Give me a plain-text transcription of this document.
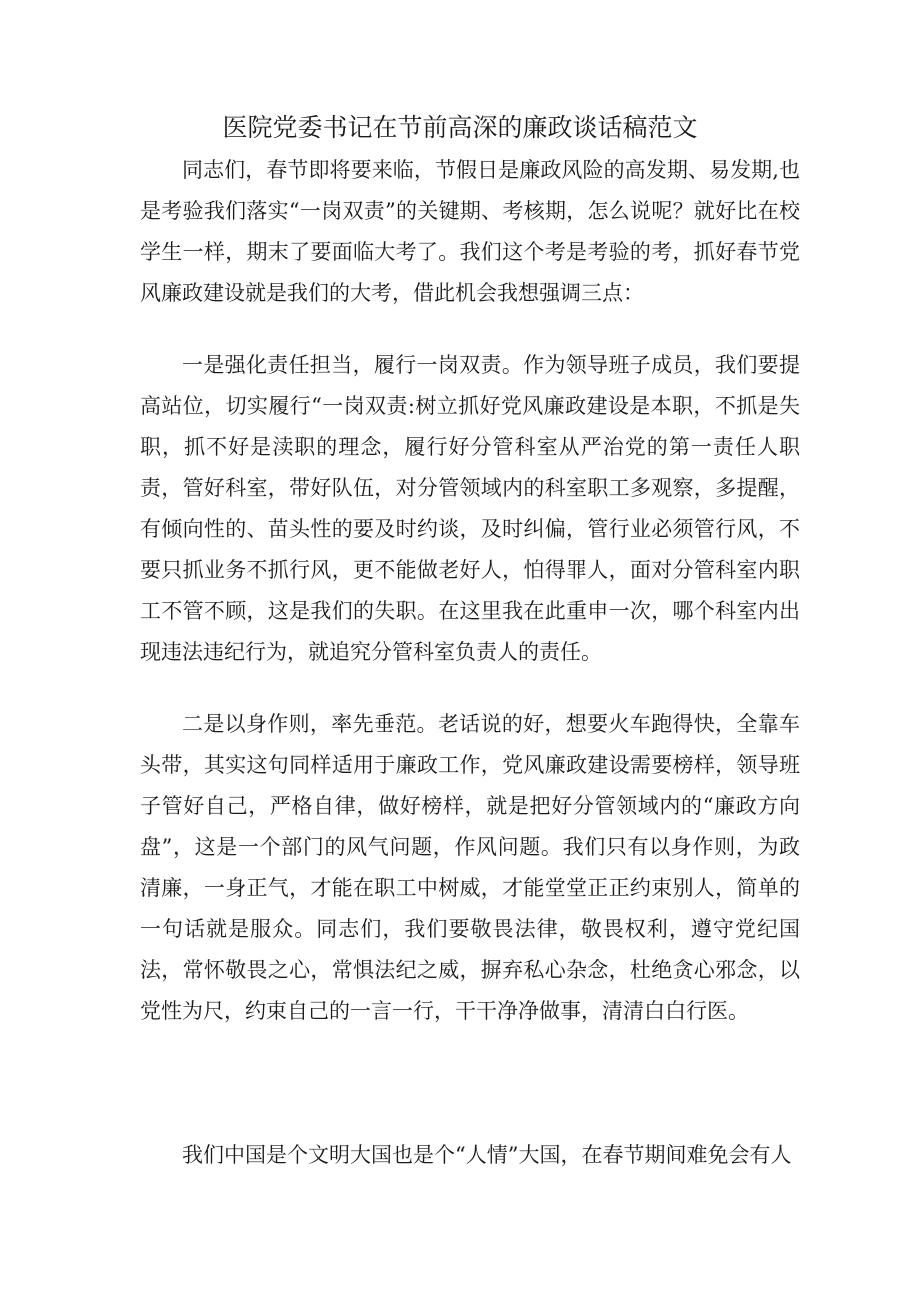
医院党委书记在节前高深的廉政谈话稿范文

同志们，春节即将要来临，节假日是廉政风险的高发期、易发期,也是考验我们落实“一岗双责”的关键期、考核期，怎么说呢？就好比在校学生一样，期末了要面临大考了。我们这个考是考验的考，抓好春节党风廉政建设就是我们的大考，借此机会我想强调三点：

一是强化责任担当，履行一岗双责。作为领导班子成员，我们要提高站位，切实履行“一岗双责:树立抓好党风廉政建设是本职，不抓是失职，抓不好是渎职的理念，履行好分管科室从严治党的第一责任人职责，管好科室，带好队伍，对分管领域内的科室职工多观察，多提醒，有倾向性的、苗头性的要及时约谈，及时纠偏，管行业必须管行风，不要只抓业务不抓行风，更不能做老好人，怕得罪人，面对分管科室内职工不管不顾，这是我们的失职。在这里我在此重申一次，哪个科室内出现违法违纪行为，就追究分管科室负责人的责任。

二是以身作则，率先垂范。老话说的好，想要火车跑得快，全靠车头带，其实这句同样适用于廉政工作，党风廉政建设需要榜样，领导班子管好自己，严格自律，做好榜样，就是把好分管领域内的“廉政方向盘”，这是一个部门的风气问题，作风问题。我们只有以身作则，为政清廉，一身正气，才能在职工中树威，才能堂堂正正约束别人，简单的一句话就是服众。同志们，我们要敬畏法律，敬畏权利，遵守党纪国法，常怀敬畏之心，常惧法纪之威，摒弃私心杂念，杜绝贪心邪念，以党性为尺，约束自己的一言一行，干干净净做事，清清白白行医。

我们中国是个文明大国也是个“人情”大国，在春节期间难免会有人
